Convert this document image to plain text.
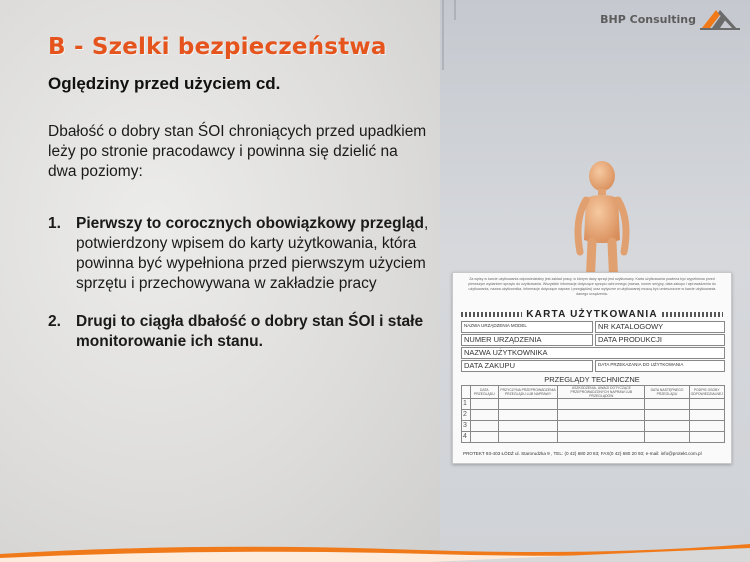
BHP Consulting
B - Szelki bezpieczeństwa
Oględziny przed użyciem cd.

Dbałość o dobry stan ŚOI chroniących przed upadkiem leży po stronie pracodawcy i powinna się dzielić na dwa poziomy:

1. Pierwszy to corocznych obowiązkowy przegląd, potwierdzony wpisem do karty użytkowania, która powinna być wypełniona przed pierwszym użyciem sprzętu i przechowywana w zakładzie pracy
2. Drugi to ciągła dbałość o dobry stan ŚOI i stałe monitorowanie ich stanu.
Za wpisy w karcie użytkowania odpowiedzialny jest zakład pracy, w którym dany sprzęt jest użytkowany. Karta użytkowania powinna być wypełniona przed pierwszym wydaniem sprzętu do użytkowania. Wszystkie informacje dotyczące sprzętu ochronnego (nazwa, numer seryjny, data zakupu i wprowadzenia do użytkowania, nazwa użytkownika, informacje dotyczące napraw i przeglądów) oraz wytyczne w użytkowanej muszą być umieszczone w karcie użytkowania danego urządzenia.
KARTA UŻYTKOWANIA
NAZWA URZĄDZENIA MODEL	NR KATALOGOWY
NUMER URZĄDZENIA	DATA PRODUKCJI
NAZWA UŻYTKOWNIKA
DATA ZAKUPU	DATA PRZEKAZANIA DO UŻYTKOWANIA
PRZEGLĄDY TECHNICZNE
	DATA PRZEGLĄDU	PRZYCZYNA PRZEPROWADZENIA PRZEGLĄDU LUB NAPRAWY	USZKODZENIA, UWAGI DOTYCZĄCE PRZEPROWADZONYCH NAPRAW LUB PRZEGLĄDÓW	DATA NASTĘPNEGO PRZEGLĄDU	PODPIS OSOBY ODPOWIEDZIALNEJ
1					
2					
3					
4					
PROTEKT 93-403 ŁÓDŹ ul. Starorudzka 9 , TEL: (0 42) 680 20 83; FAX(0 42) 680 20 93; e-mail: info@protekt.com.pl
